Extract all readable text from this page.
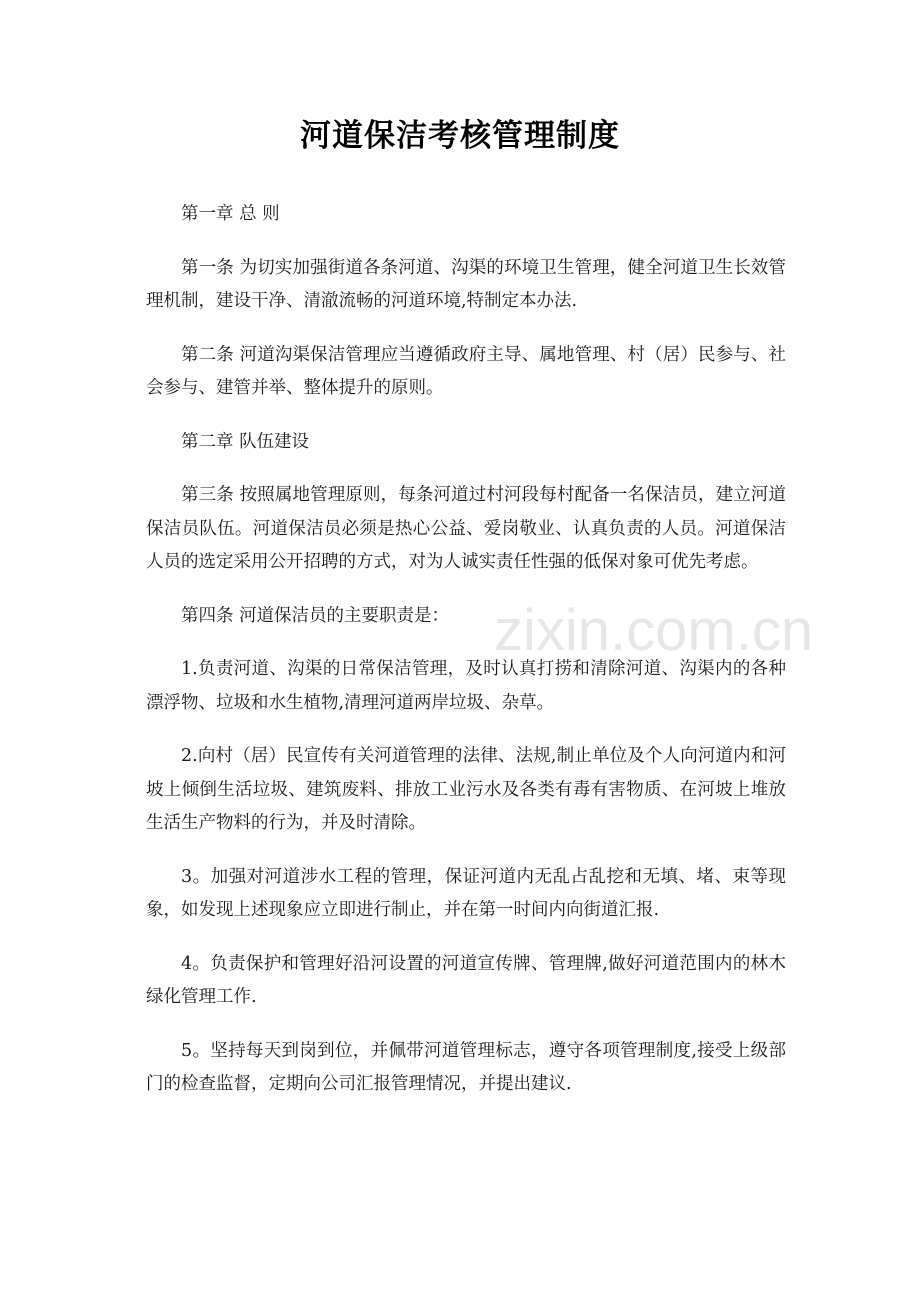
河道保洁考核管理制度

第一章 总 则

第一条 为切实加强街道各条河道、沟渠的环境卫生管理，健全河道卫生长效管理机制，建设干净、清澈流畅的河道环境,特制定本办法.

第二条 河道沟渠保洁管理应当遵循政府主导、属地管理、村（居）民参与、社会参与、建管并举、整体提升的原则。

第二章 队伍建设

第三条 按照属地管理原则，每条河道过村河段每村配备一名保洁员，建立河道保洁员队伍。河道保洁员必须是热心公益、爱岗敬业、认真负责的人员。河道保洁人员的选定采用公开招聘的方式，对为人诚实责任性强的低保对象可优先考虑。

第四条 河道保洁员的主要职责是：

1.负责河道、沟渠的日常保洁管理，及时认真打捞和清除河道、沟渠内的各种漂浮物、垃圾和水生植物,清理河道两岸垃圾、杂草。

2.向村（居）民宣传有关河道管理的法律、法规,制止单位及个人向河道内和河坡上倾倒生活垃圾、建筑废料、排放工业污水及各类有毒有害物质、在河坡上堆放生活生产物料的行为，并及时清除。

3。加强对河道涉水工程的管理，保证河道内无乱占乱挖和无填、堵、束等现象，如发现上述现象应立即进行制止，并在第一时间内向街道汇报.

4。负责保护和管理好沿河设置的河道宣传牌、管理牌,做好河道范围内的林木绿化管理工作.

5。坚持每天到岗到位，并佩带河道管理标志，遵守各项管理制度,接受上级部门的检查监督，定期向公司汇报管理情况，并提出建议.

zixin.com.cn
